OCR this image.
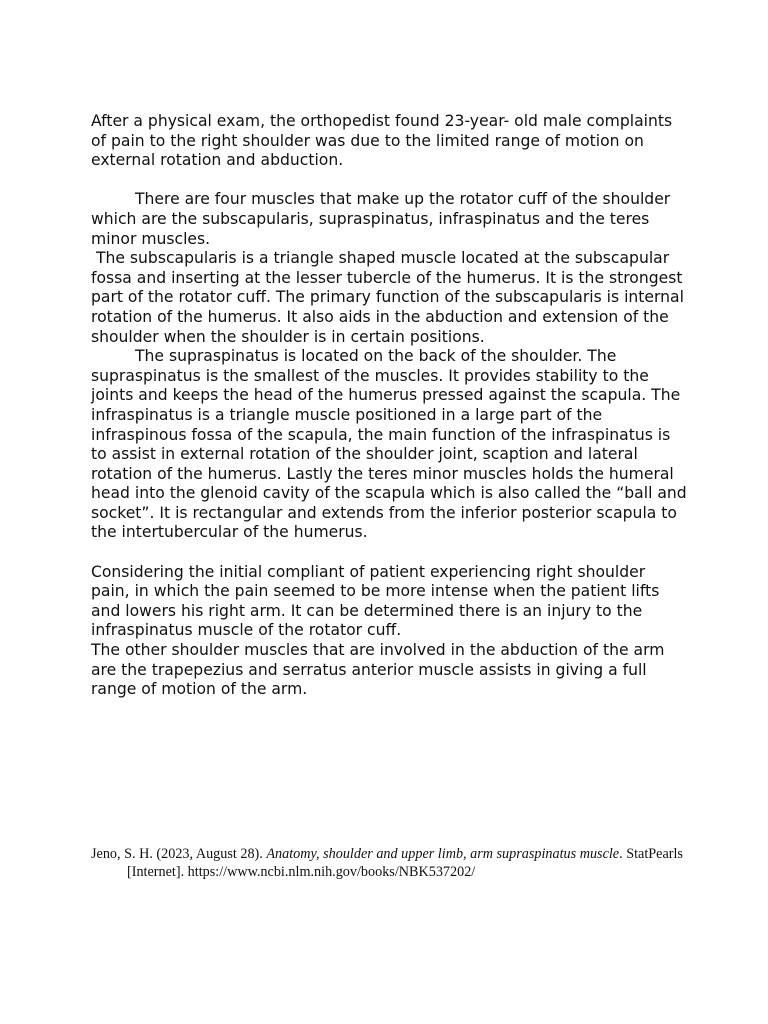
After a physical exam, the orthopedist found 23-year- old male complaints of pain to the right shoulder was due to the limited range of motion on external rotation and abduction.

There are four muscles that make up the rotator cuff of the shoulder which are the subscapularis, supraspinatus, infraspinatus and the teres minor muscles.

The subscapularis is a triangle shaped muscle located at the subscapular fossa and inserting at the lesser tubercle of the humerus. It is the strongest part of the rotator cuff. The primary function of the subscapularis is internal rotation of the humerus. It also aids in the abduction and extension of the shoulder when the shoulder is in certain positions.

The supraspinatus is located on the back of the shoulder. The supraspinatus is the smallest of the muscles. It provides stability to the joints and keeps the head of the humerus pressed against the scapula. The infraspinatus is a triangle muscle positioned in a large part of the infraspinous fossa of the scapula, the main function of the infraspinatus is to assist in external rotation of the shoulder joint, scaption and lateral rotation of the humerus. Lastly the teres minor muscles holds the humeral head into the glenoid cavity of the scapula which is also called the “ball and socket”. It is rectangular and extends from the inferior posterior scapula to the intertubercular of the humerus.

Considering the initial compliant of patient experiencing right shoulder pain, in which the pain seemed to be more intense when the patient lifts and lowers his right arm. It can be determined there is an injury to the infraspinatus muscle of the rotator cuff.

The other shoulder muscles that are involved in the abduction of the arm are the trapepezius and serratus anterior muscle assists in giving a full range of motion of the arm.

Jeno, S. H. (2023, August 28). Anatomy, shoulder and upper limb, arm supraspinatus muscle. StatPearls [Internet]. https://www.ncbi.nlm.nih.gov/books/NBK537202/
